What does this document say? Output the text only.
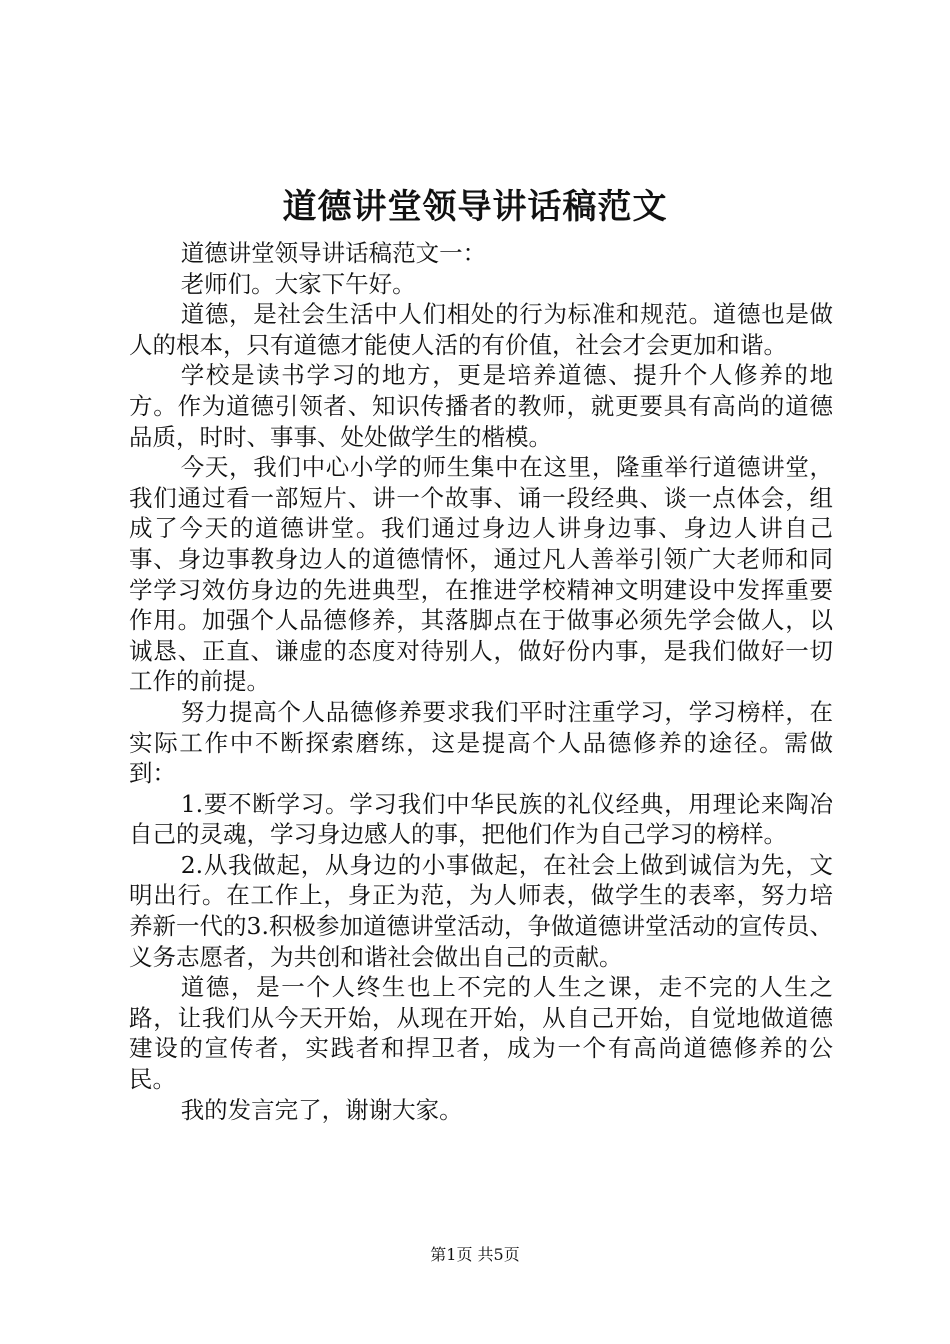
道德讲堂领导讲话稿范文

道德讲堂领导讲话稿范文一：

老师们。大家下午好。

道德，是社会生活中人们相处的行为标准和规范。道德也是做人的根本，只有道德才能使人活的有价值，社会才会更加和谐。

学校是读书学习的地方，更是培养道德、提升个人修养的地方。作为道德引领者、知识传播者的教师，就更要具有高尚的道德品质，时时、事事、处处做学生的楷模。

今天，我们中心小学的师生集中在这里，隆重举行道德讲堂，我们通过看一部短片、讲一个故事、诵一段经典、谈一点体会，组成了今天的道德讲堂。我们通过身边人讲身边事、身边人讲自己事、身边事教身边人的道德情怀，通过凡人善举引领广大老师和同学学习效仿身边的先进典型，在推进学校精神文明建设中发挥重要作用。加强个人品德修养，其落脚点在于做事必须先学会做人，以诚恳、正直、谦虚的态度对待别人，做好份内事，是我们做好一切工作的前提。

努力提高个人品德修养要求我们平时注重学习，学习榜样，在实际工作中不断探索磨练，这是提高个人品德修养的途径。需做到：

1.要不断学习。学习我们中华民族的礼仪经典，用理论来陶冶自己的灵魂，学习身边感人的事，把他们作为自己学习的榜样。

2.从我做起，从身边的小事做起，在社会上做到诚信为先，文明出行。在工作上，身正为范，为人师表，做学生的表率，努力培养新一代的3.积极参加道德讲堂活动，争做道德讲堂活动的宣传员、义务志愿者，为共创和谐社会做出自己的贡献。

道德，是一个人终生也上不完的人生之课，走不完的人生之路，让我们从今天开始，从现在开始，从自己开始，自觉地做道德建设的宣传者，实践者和捍卫者，成为一个有高尚道德修养的公民。

我的发言完了，谢谢大家。

第1页 共5页
